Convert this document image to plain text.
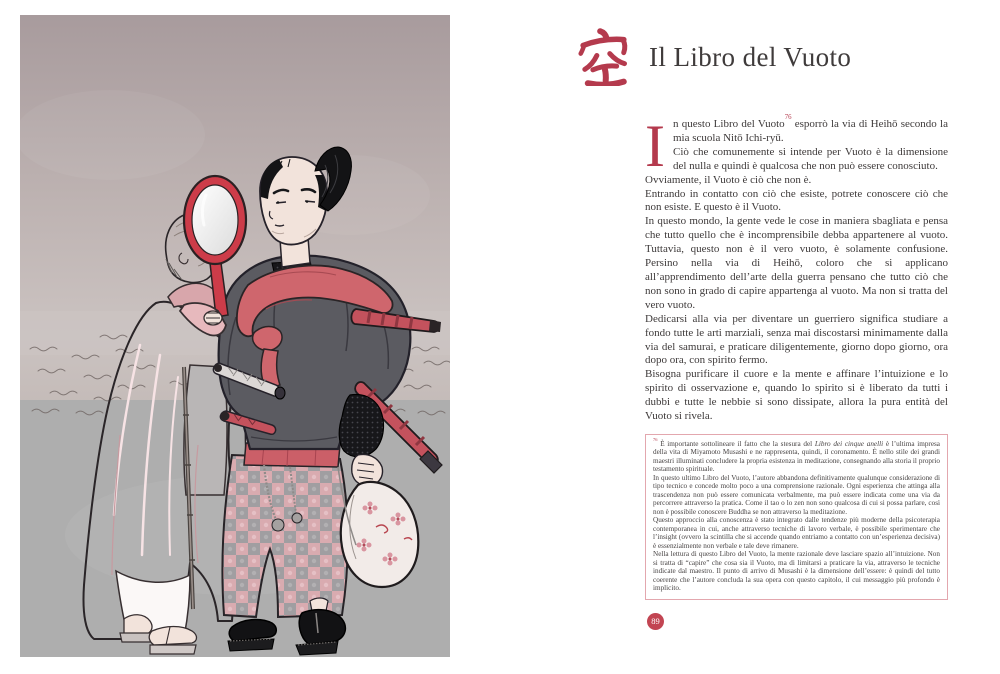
Il Libro del Vuoto

In questo Libro del Vuoto$^{76}$ esporrò la via di Heihō secondo la mia scuola Nitō Ichi-ryū.

Ciò che comunemente si intende per Vuoto è la dimensione del nulla e quindi è qualcosa che non può essere conosciuto.

Ovviamente, il Vuoto è ciò che non è.

Entrando in contatto con ciò che esiste, potrete conoscere ciò che non esiste. E questo è il Vuoto.

In questo mondo, la gente vede le cose in maniera sbagliata e pensa che tutto quello che è incomprensibile debba appartenere al vuoto. Tuttavia, questo non è il vero vuoto, è solamente confusione. Persino nella via di Heihō, coloro che si applicano all’apprendimento dell’arte della guerra pensano che tutto ciò che non sono in grado di capire appartenga al vuoto. Ma non si tratta del vero vuoto.

Dedicarsi alla via per diventare un guerriero significa studiare a fondo tutte le arti marziali, senza mai discostarsi minimamente dalla via del samurai, e praticare diligentemente, giorno dopo giorno, ora dopo ora, con spirito fermo.

Bisogna purificare il cuore e la mente e affinare l’intuizione e lo spirito di osservazione e, quando lo spirito si è liberato da tutti i dubbi e tutte le nebbie si sono dissipate, allora la pura entità del Vuoto si rivela.

$^{76}$ È importante sottolineare il fatto che la stesura del Libro dei cinque anelli è l’ultima impresa della vita di Miyamoto Musashi e ne rappresenta, quindi, il coronamento. È nello stile dei grandi maestri illuminati concludere la propria esistenza in meditazione, consegnando alla storia il proprio testamento spirituale.

In questo ultimo Libro del Vuoto, l’autore abbandona definitivamente qualunque considerazione di tipo tecnico e concede molto poco a una comprensione razionale. Ogni esperienza che attinga alla trascendenza non può essere comunicata verbalmente, ma può essere indicata come una via da percorrere attraverso la pratica. Come il tao o lo zen non sono qualcosa di cui si possa parlare, così non è possibile conoscere Buddha se non attraverso la meditazione.

Questo approccio alla conoscenza è stato integrato dalle tendenze più moderne della psicoterapia contemporanea in cui, anche attraverso tecniche di lavoro verbale, è possibile sperimentare che l’insight (ovvero la scintilla che si accende quando entriamo a contatto con un’esperienza decisiva) è essenzialmente non verbale e tale deve rimanere.

Nella lettura di questo Libro del Vuoto, la mente razionale deve lasciare spazio all’intuizione. Non si tratta di “capire” che cosa sia il Vuoto, ma di limitarsi a praticare la via, attraverso le tecniche indicate dal maestro. Il punto di arrivo di Musashi è la dimensione dell’essere: è quindi del tutto coerente che l’autore concluda la sua opera con questo capitolo, il cui messaggio più profondo è implicito.

89
